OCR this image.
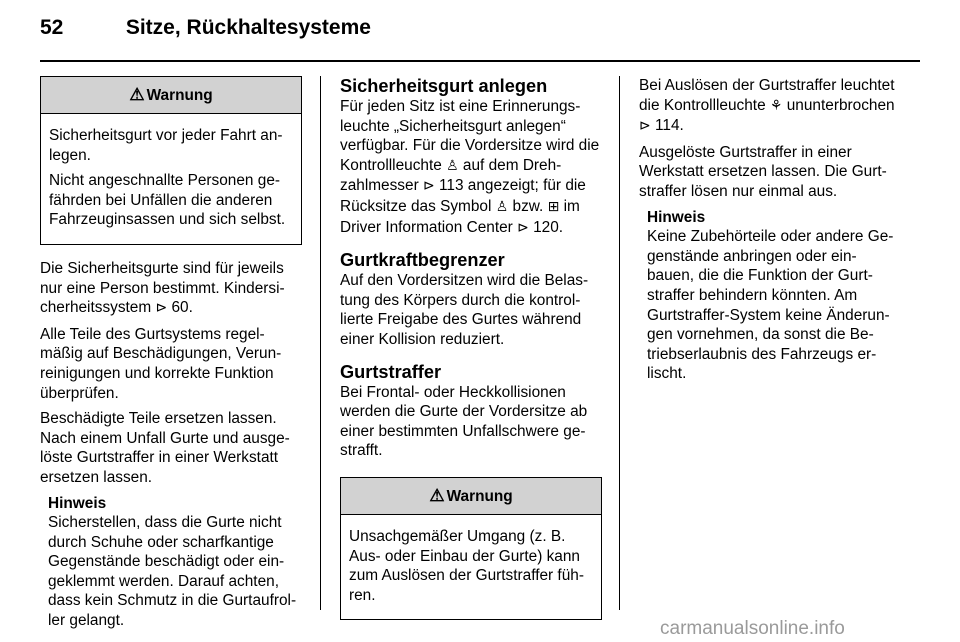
52	Sitze, Rückhaltesysteme
⚠ Warnung

Sicherheitsgurt vor jeder Fahrt an-legen.

Nicht angeschnallte Personen ge-fährden bei Unfällen die anderen Fahrzeuginsassen und sich selbst.

Die Sicherheitsgurte sind für jeweils nur eine Person bestimmt. Kindersi-cherheitssystem ⊳ 60.

Alle Teile des Gurtsystems regel-mäßig auf Beschädigungen, Verun-reinigungen und korrekte Funktion überprüfen.

Beschädigte Teile ersetzen lassen. Nach einem Unfall Gurte und ausge-löste Gurtstraffer in einer Werkstatt ersetzen lassen.

Hinweis
Sicherstellen, dass die Gurte nicht durch Schuhe oder scharfkantige Gegenstände beschädigt oder ein-geklemmt werden. Darauf achten, dass kein Schmutz in die Gurtaufrol-ler gelangt.
Sicherheitsgurt anlegen

Für jeden Sitz ist eine Erinnerungs-leuchte „Sicherheitsgurt anlegen“ verfügbar. Für die Vordersitze wird die Kontrollleuchte ♙ auf dem Dreh-zahlmesser ⊳ 113 angezeigt; für die Rücksitze das Symbol ♙ bzw. ⊞ im Driver Information Center ⊳ 120.

Gurtkraftbegrenzer

Auf den Vordersitzen wird die Belas-tung des Körpers durch die kontrol-lierte Freigabe des Gurtes während einer Kollision reduziert.

Gurtstraffer

Bei Frontal- oder Heckkollisionen werden die Gurte der Vordersitze ab einer bestimmten Unfallschwere ge-strafft.

⚠ Warnung

Unsachgemäßer Umgang (z. B. Aus- oder Einbau der Gurte) kann zum Auslösen der Gurtstraffer füh-ren.

Bei Auslösen der Gurtstraffer leuchtet die Kontrollleuchte ⚘ ununterbrochen ⊳ 114.

Ausgelöste Gurtstraffer in einer Werkstatt ersetzen lassen. Die Gurt-straffer lösen nur einmal aus.

Hinweis
Keine Zubehörteile oder andere Ge-genstände anbringen oder ein-bauen, die die Funktion der Gurt-straffer behindern könnten. Am Gurtstraffer-System keine Änderun-gen vornehmen, da sonst die Be-triebserlaubnis des Fahrzeugs er-lischt.
carmanualsonline.info
